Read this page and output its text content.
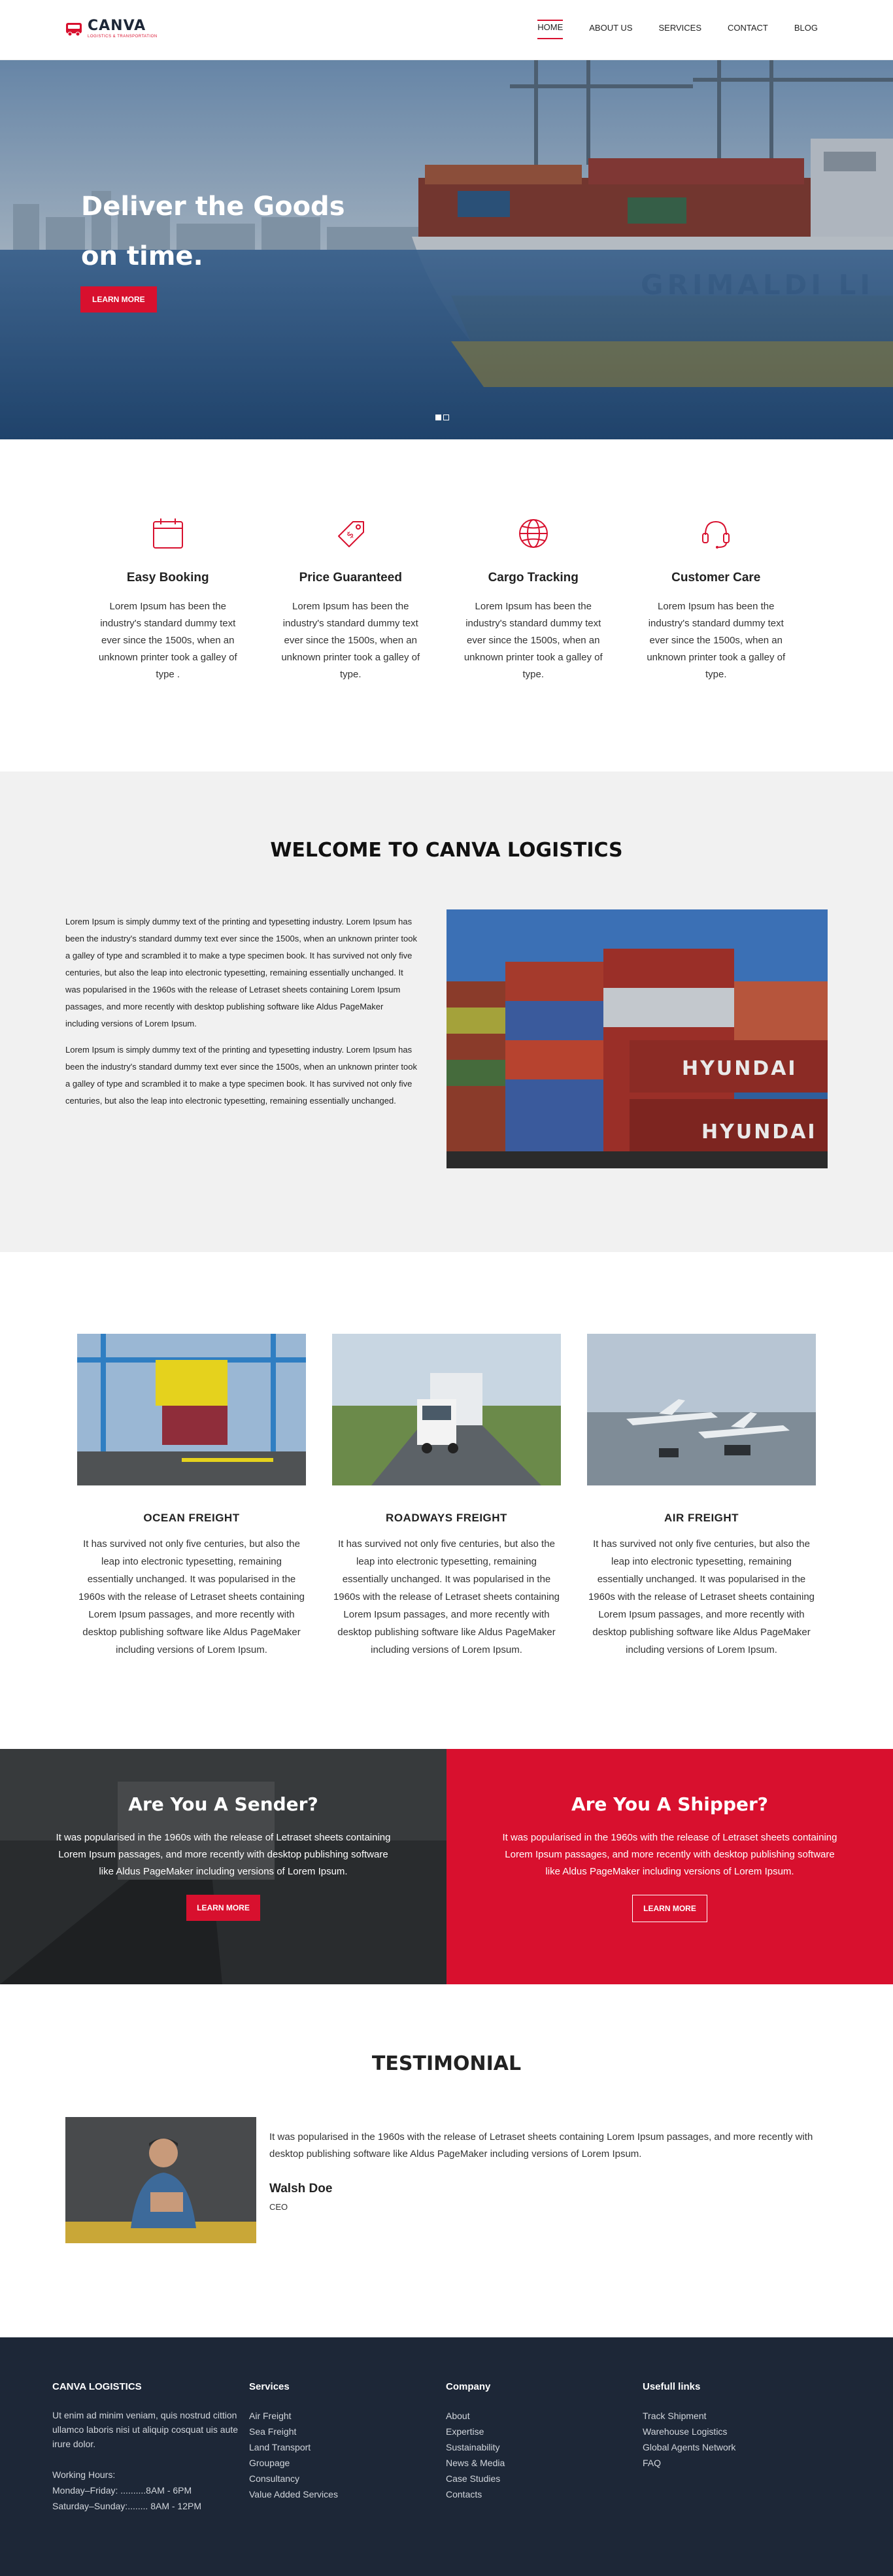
CANVA
LOGISTICS & TRANSPORTATION
HOME	ABOUT US	SERVICES	CONTACT	BLOG
Deliver the Goods
on time.
LEARN MORE
Easy Booking
Lorem Ipsum has been the industry's standard dummy text ever since the 1500s, when an unknown printer took a galley of type .
$
Price Guaranteed
Lorem Ipsum has been the industry's standard dummy text ever since the 1500s, when an unknown printer took a galley of type.
Cargo Tracking
Lorem Ipsum has been the industry's standard dummy text ever since the 1500s, when an unknown printer took a galley of type.
Customer Care
Lorem Ipsum has been the industry's standard dummy text ever since the 1500s, when an unknown printer took a galley of type.
WELCOME TO CANVA LOGISTICS

Lorem Ipsum is simply dummy text of the printing and typesetting industry. Lorem Ipsum has been the industry's standard dummy text ever since the 1500s, when an unknown printer took a galley of type and scrambled it to make a type specimen book. It has survived not only five centuries, but also the leap into electronic typesetting, remaining essentially unchanged. It was popularised in the 1960s with the release of Letraset sheets containing Lorem Ipsum passages, and more recently with desktop publishing software like Aldus PageMaker including versions of Lorem Ipsum.

Lorem Ipsum is simply dummy text of the printing and typesetting industry. Lorem Ipsum has been the industry's standard dummy text ever since the 1500s, when an unknown printer took a galley of type and scrambled it to make a type specimen book. It has survived not only five centuries, but also the leap into electronic typesetting, remaining essentially unchanged.

HYUNDAI
HYUNDAI
OCEAN FREIGHT
It has survived not only five centuries, but also the leap into electronic typesetting, remaining essentially unchanged. It was popularised in the 1960s with the release of Letraset sheets containing Lorem Ipsum passages, and more recently with desktop publishing software like Aldus PageMaker including versions of Lorem Ipsum.
ROADWAYS FREIGHT
It has survived not only five centuries, but also the leap into electronic typesetting, remaining essentially unchanged. It was popularised in the 1960s with the release of Letraset sheets containing Lorem Ipsum passages, and more recently with desktop publishing software like Aldus PageMaker including versions of Lorem Ipsum.
AIR FREIGHT
It has survived not only five centuries, but also the leap into electronic typesetting, remaining essentially unchanged. It was popularised in the 1960s with the release of Letraset sheets containing Lorem Ipsum passages, and more recently with desktop publishing software like Aldus PageMaker including versions of Lorem Ipsum.
Are You A Sender?
It was popularised in the 1960s with the release of Letraset sheets containing Lorem Ipsum passages, and more recently with desktop publishing software like Aldus PageMaker including versions of Lorem Ipsum.
LEARN MORE
Are You A Shipper?
It was popularised in the 1960s with the release of Letraset sheets containing Lorem Ipsum passages, and more recently with desktop publishing software like Aldus PageMaker including versions of Lorem Ipsum.
LEARN MORE
TESTIMONIAL
It was popularised in the 1960s with the release of Letraset sheets containing Lorem Ipsum passages, and more recently with desktop publishing software like Aldus PageMaker including versions of Lorem Ipsum.
Walsh Doe
CEO
CANVA LOGISTICS
Ut enim ad minim veniam, quis nostrud cittion ullamco laboris nisi ut aliquip cosquat uis aute irure dolor.
Working Hours:
Monday–Friday: ..........8AM - 6PM
Saturday–Sunday:........ 8AM - 12PM
Services
Air Freight
Sea Freight
Land Transport
Groupage
Consultancy
Value Added Services
Company
About
Expertise
Sustainability
News & Media
Case Studies
Contacts
Usefull links
Track Shipment
Warehouse Logistics
Global Agents Network
FAQ
